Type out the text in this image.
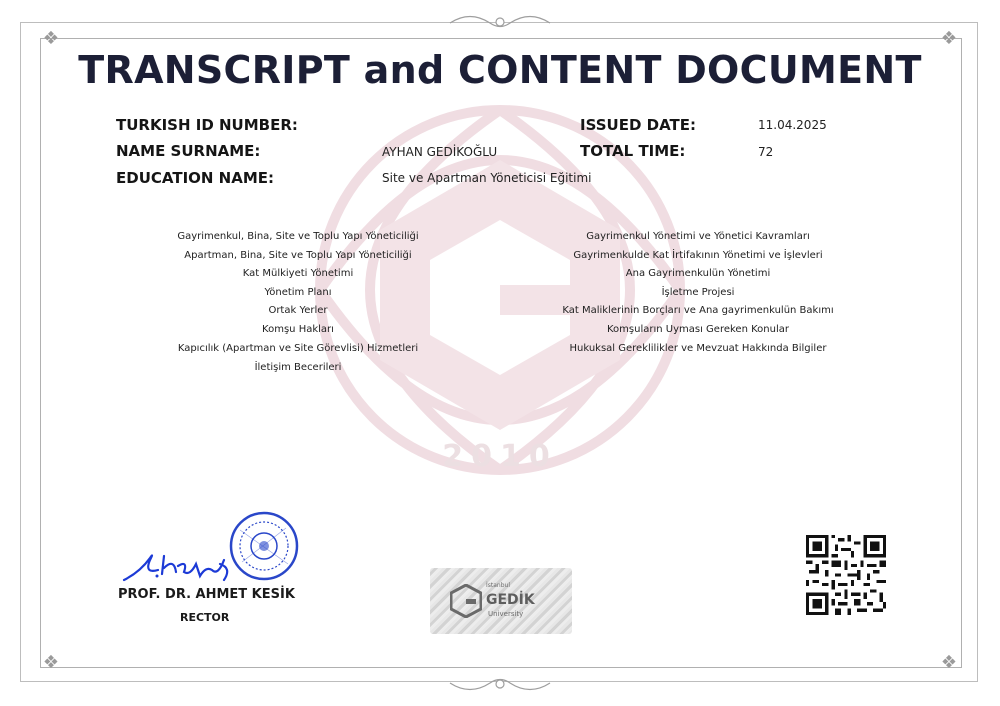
❖	❖
❖	❖
2010
TRANSCRIPT and CONTENT DOCUMENT
TURKISH ID NUMBER:
NAME SURNAME:	AYHAN GEDİKOĞLU
EDUCATION NAME:	Site ve Apartman Yöneticisi Eğitimi
ISSUED DATE:	11.04.2025
TOTAL TIME:	72
Gayrimenkul, Bina, Site ve Toplu Yapı Yöneticiliği
Apartman, Bina, Site ve Toplu Yapı Yöneticiliği
Kat Mülkiyeti Yönetimi
Yönetim Planı
Ortak Yerler
Komşu Hakları
Kapıcılık (Apartman ve Site Görevlisi) Hizmetleri
İletişim Becerileri
Gayrimenkul Yönetimi ve Yönetici Kavramları
Gayrimenkulde Kat İrtifakının Yönetimi ve İşlevleri
Ana Gayrimenkulün Yönetimi
İşletme Projesi
Kat Maliklerinin Borçları ve Ana gayrimenkulün Bakımı
Komşuların Uyması Gereken Konular
Hukuksal Gereklilikler ve Mevzuat Hakkında Bilgiler
PROF. DR. AHMET KESİK
RECTOR
İstanbul
GEDİK
University
